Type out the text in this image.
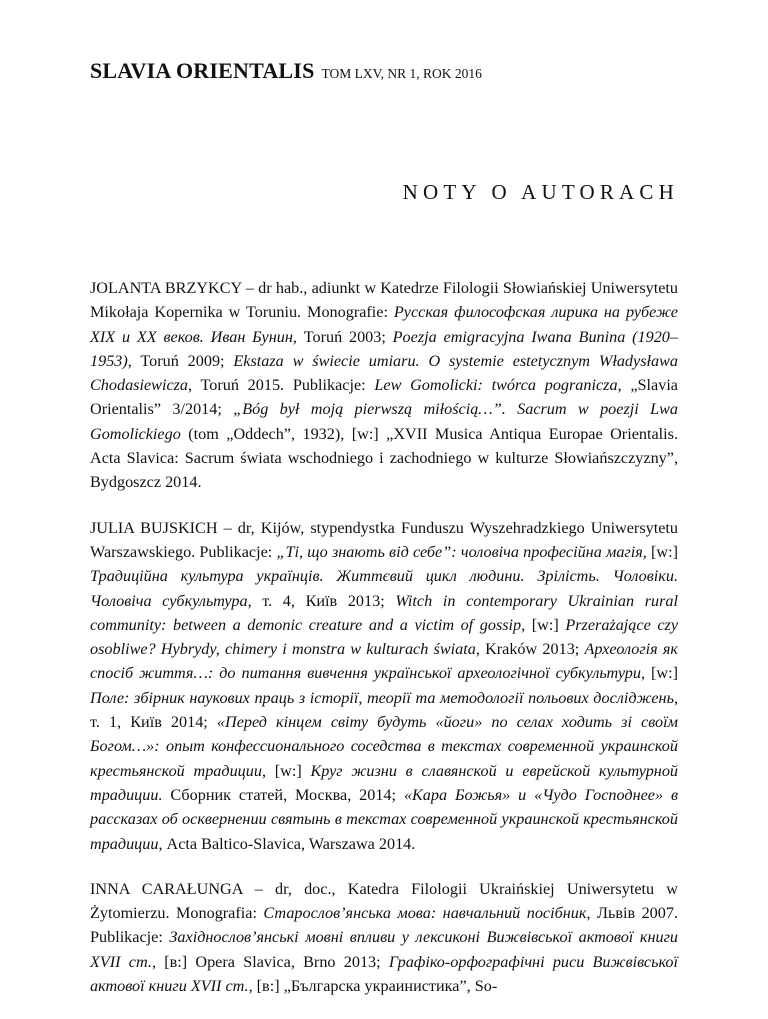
SLAVIA ORIENTALIS TOM LXV, NR 1, ROK 2016
NOTY O AUTORACH

JOLANTA BRZYKCY – dr hab., adiunkt w Katedrze Filologii Słowiańskiej Uniwersytetu Mikołaja Kopernika w Toruniu. Monografie: Русская философская лирика на рубеже XIX и XX веков. Иван Бунин, Toruń 2003; Poezja emigracyjna Iwana Bunina (1920–1953), Toruń 2009; Ekstaza w świecie umiaru. O systemie estetycznym Władysława Chodasiewicza, Toruń 2015. Publikacje: Lew Gomolicki: twórca pogranicza, „Slavia Orientalis” 3/2014; „Bóg był moją pierwszą miłością…”. Sacrum w poezji Lwa Gomolickiego (tom „Oddech”, 1932), [w:] „XVII Musica Antiqua Europae Orientalis. Acta Slavica: Sacrum świata wschodniego i zachodniego w kulturze Słowiańszczyzny”, Bydgoszcz 2014.

JULIA BUJSKICH – dr, Kijów, stypendystka Funduszu Wyszehradzkiego Uniwersytetu Warszawskiego. Publikacje: „Ті, що знають від себе”: чоловіча професійна магія, [w:] Традиційна культура українців. Життєвий цикл людини. Зрілість. Чоловіки. Чоловіча субкультура, т. 4, Київ 2013; Witch in contemporary Ukrainian rural community: between a demonic creature and a victim of gossip, [w:] Przerażające czy osobliwe? Hybrydy, chimery i monstra w kulturach świata, Kraków 2013; Археологія як спосіб життя…: до питання вивчення української археологічної субкультури, [w:] Поле: збірник наукових праць з історії, теорії та методології польових досліджень, т. 1, Київ 2014; «Перед кінцем світу будуть «йоги» по селах ходить зі своїм Богом…»: опыт конфессионального соседства в текстах современной украинской крестьянской традиции, [w:] Круг жизни в славянской и еврейской культурной традиции. Сборник статей, Москва, 2014; «Кара Божья» и «Чудо Господнее» в рассказах об осквернении святынь в текстах современной украинской крестьянской традиции, Acta Baltico-Slavica, Warszawa 2014.

INNA CARAŁUNGA – dr, doc., Katedra Filologii Ukraińskiej Uniwersytetu w Żytomierzu. Monografia: Старослов’янська мова: навчальний посібник, Львів 2007. Publikacje: Західнослов’янські мовні впливи у лексиконі Вижвівської актової книги XVII ст., [в:] Opera Slavica, Brno 2013; Графіко-орфографічні риси Вижвівської актової книги XVII ст., [в:] „Българска украинистика”, So-
